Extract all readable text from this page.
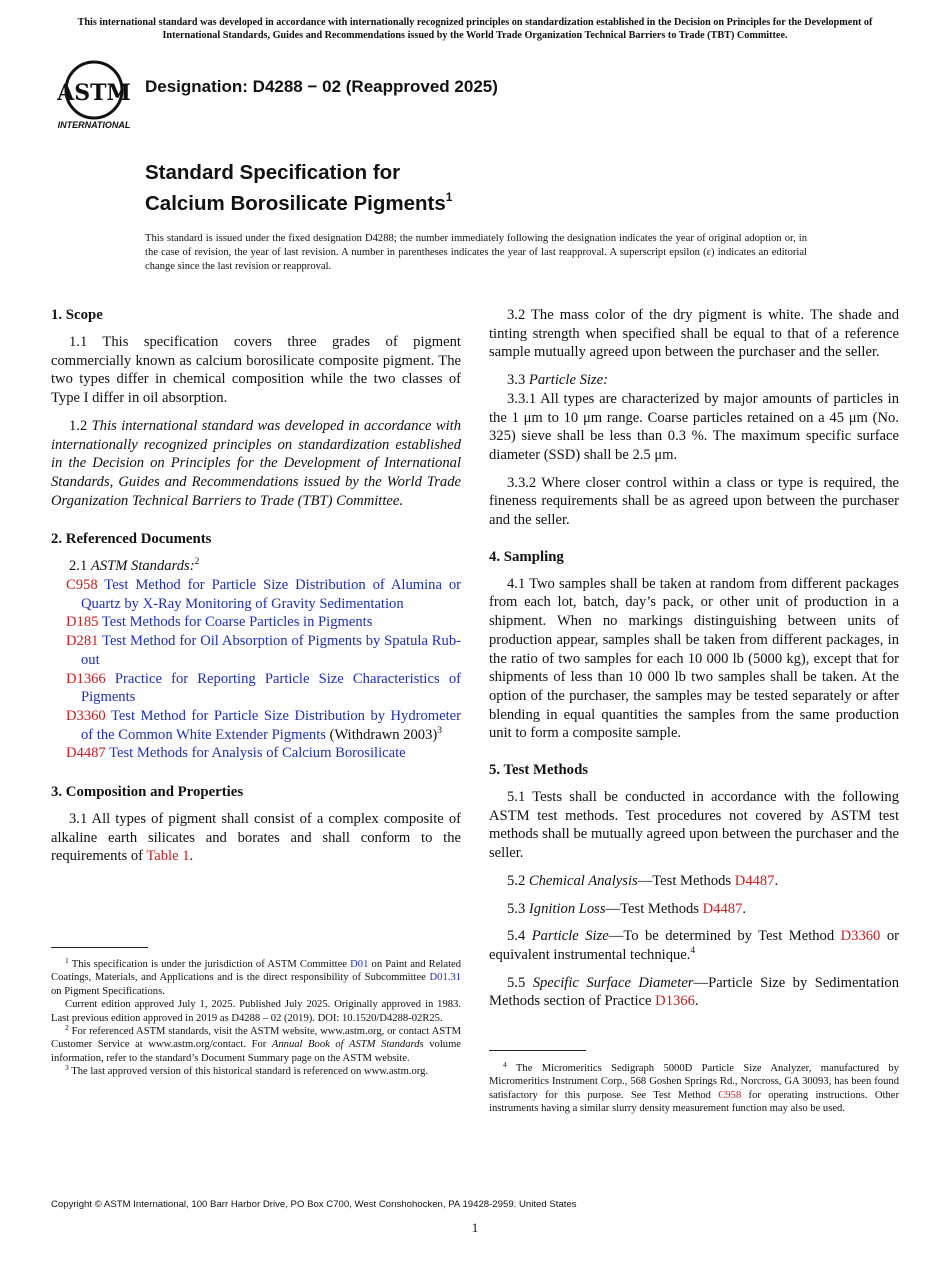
This international standard was developed in accordance with internationally recognized principles on standardization established in the Decision on Principles for the Development of International Standards, Guides and Recommendations issued by the World Trade Organization Technical Barriers to Trade (TBT) Committee.
ASTM
INTERNATIONAL
Designation: D4288 − 02 (Reapproved 2025)
Standard Specification for
Calcium Borosilicate Pigments$^1$
This standard is issued under the fixed designation D4288; the number immediately following the designation indicates the year of original adoption or, in the case of revision, the year of last revision. A number in parentheses indicates the year of last reapproval. A superscript epsilon (ε) indicates an editorial change since the last revision or reapproval.
1. Scope

1.1 This specification covers three grades of pigment commercially known as calcium borosilicate composite pigment. The two types differ in chemical composition while the two classes of Type I differ in oil absorption.

1.2 This international standard was developed in accordance with internationally recognized principles on standardization established in the Decision on Principles for the Development of International Standards, Guides and Recommendations issued by the World Trade Organization Technical Barriers to Trade (TBT) Committee.

2. Referenced Documents

2.1 ASTM Standards:$^2$

C958 Test Method for Particle Size Distribution of Alumina or Quartz by X-Ray Monitoring of Gravity Sedimentation
D185 Test Methods for Coarse Particles in Pigments
D281 Test Method for Oil Absorption of Pigments by Spatula Rub-out
D1366 Practice for Reporting Particle Size Characteristics of Pigments
D3360 Test Method for Particle Size Distribution by Hydrometer of the Common White Extender Pigments (Withdrawn 2003)$^3$
D4487 Test Methods for Analysis of Calcium Borosilicate
3. Composition and Properties

3.1 All types of pigment shall consist of a complex composite of alkaline earth silicates and borates and shall conform to the requirements of Table 1.

3.2 The mass color of the dry pigment is white. The shade and tinting strength when specified shall be equal to that of a reference sample mutually agreed upon between the purchaser and the seller.

3.3 Particle Size:

3.3.1 All types are characterized by major amounts of particles in the 1 μm to 10 μm range. Coarse particles retained on a 45 μm (No. 325) sieve shall be less than 0.3 %. The maximum specific surface diameter (SSD) shall be 2.5 μm.

3.3.2 Where closer control within a class or type is required, the fineness requirements shall be as agreed upon between the purchaser and the seller.

4. Sampling

4.1 Two samples shall be taken at random from different packages from each lot, batch, day’s pack, or other unit of production in a shipment. When no markings distinguishing between units of production appear, samples shall be taken from different packages, in the ratio of two samples for each 10 000 lb (5000 kg), except that for shipments of less than 10 000 lb two samples shall be taken. At the option of the purchaser, the samples may be tested separately or after blending in equal quantities the samples from the same production unit to form a composite sample.

5. Test Methods

5.1 Tests shall be conducted in accordance with the following ASTM test methods. Test procedures not covered by ASTM test methods shall be mutually agreed upon between the purchaser and the seller.

5.2 Chemical Analysis—Test Methods D4487.

5.3 Ignition Loss—Test Methods D4487.

5.4 Particle Size—To be determined by Test Method D3360 or equivalent instrumental technique.$^4$

5.5 Specific Surface Diameter—Particle Size by Sedimentation Methods section of Practice D1366.

$^1$ This specification is under the jurisdiction of ASTM Committee D01 on Paint and Related Coatings, Materials, and Applications and is the direct responsibility of Subcommittee D01.31 on Pigment Specifications.

Current edition approved July 1, 2025. Published July 2025. Originally approved in 1983. Last previous edition approved in 2019 as D4288 – 02 (2019). DOI: 10.1520/D4288-02R25.

$^2$ For referenced ASTM standards, visit the ASTM website, www.astm.org, or contact ASTM Customer Service at www.astm.org/contact. For Annual Book of ASTM Standards volume information, refer to the standard’s Document Summary page on the ASTM website.

$^3$ The last approved version of this historical standard is referenced on www.astm.org.

$^4$ The Micromeritics Sedigraph 5000D Particle Size Analyzer, manufactured by Micromeritics Instrument Corp., 568 Goshen Springs Rd., Norcross, GA 30093, has been found satisfactory for this purpose. See Test Method C958 for operating instructions. Other instruments having a similar slurry density measurement function may also be used.

Copyright © ASTM International, 100 Barr Harbor Drive, PO Box C700, West Conshohocken, PA 19428-2959. United States
1
